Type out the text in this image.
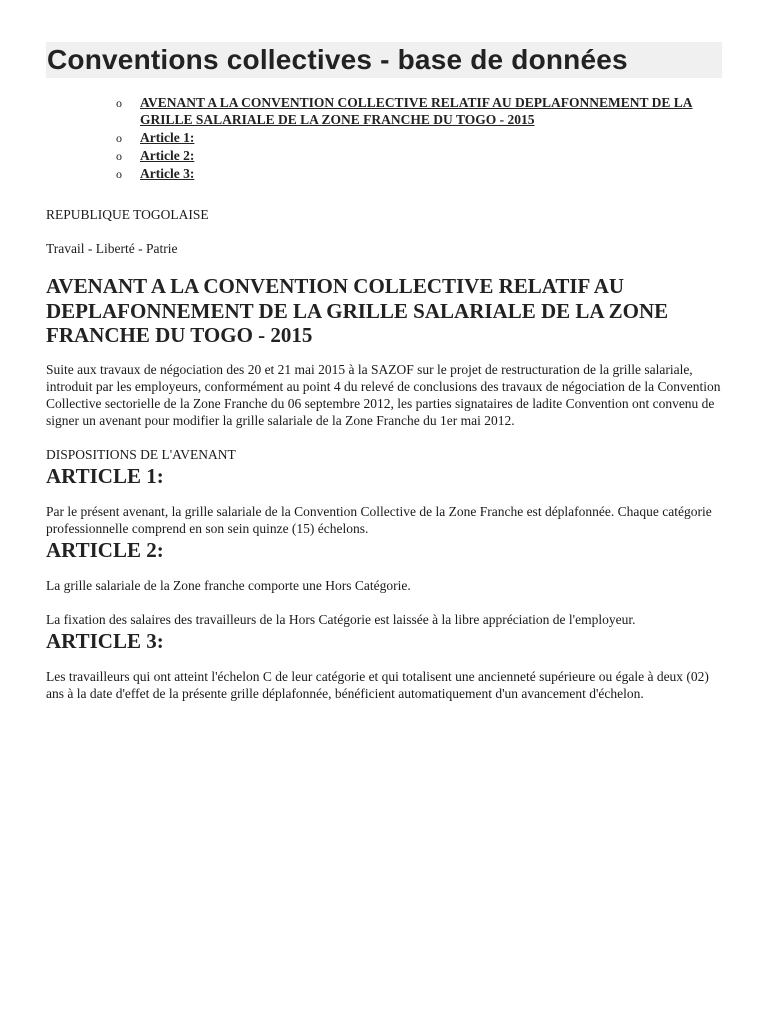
Conventions collectives - base de données
o AVENANT A LA CONVENTION COLLECTIVE RELATIF AU DEPLAFONNEMENT DE LA GRILLE SALARIALE DE LA ZONE FRANCHE DU TOGO - 2015
o Article 1:
o Article 2:
o Article 3:

REPUBLIQUE TOGOLAISE

Travail - Liberté - Patrie

AVENANT A LA CONVENTION COLLECTIVE RELATIF AU DEPLAFONNEMENT DE LA GRILLE SALARIALE DE LA ZONE FRANCHE DU TOGO - 2015

Suite aux travaux de négociation des 20 et 21 mai 2015 à la SAZOF sur le projet de restructuration de la grille salariale, introduit par les employeurs, conformément au point 4 du relevé de conclusions des travaux de négociation de la Convention Collective sectorielle de la Zone Franche du 06 septembre 2012, les parties signataires de ladite Convention ont convenu de signer un avenant pour modifier la grille salariale de la Zone Franche du 1er mai 2012.

DISPOSITIONS DE L'AVENANT

ARTICLE 1:

Par le présent avenant, la grille salariale de la Convention Collective de la Zone Franche est déplafonnée. Chaque catégorie professionnelle comprend en son sein quinze (15) échelons.

ARTICLE 2:

La grille salariale de la Zone franche comporte une Hors Catégorie.

La fixation des salaires des travailleurs de la Hors Catégorie est laissée à la libre appréciation de l'employeur.

ARTICLE 3:

Les travailleurs qui ont atteint l'échelon C de leur catégorie et qui totalisent une ancienneté supérieure ou égale à deux (02) ans à la date d'effet de la présente grille déplafonnée, bénéficient automatiquement d'un avancement d'échelon.
